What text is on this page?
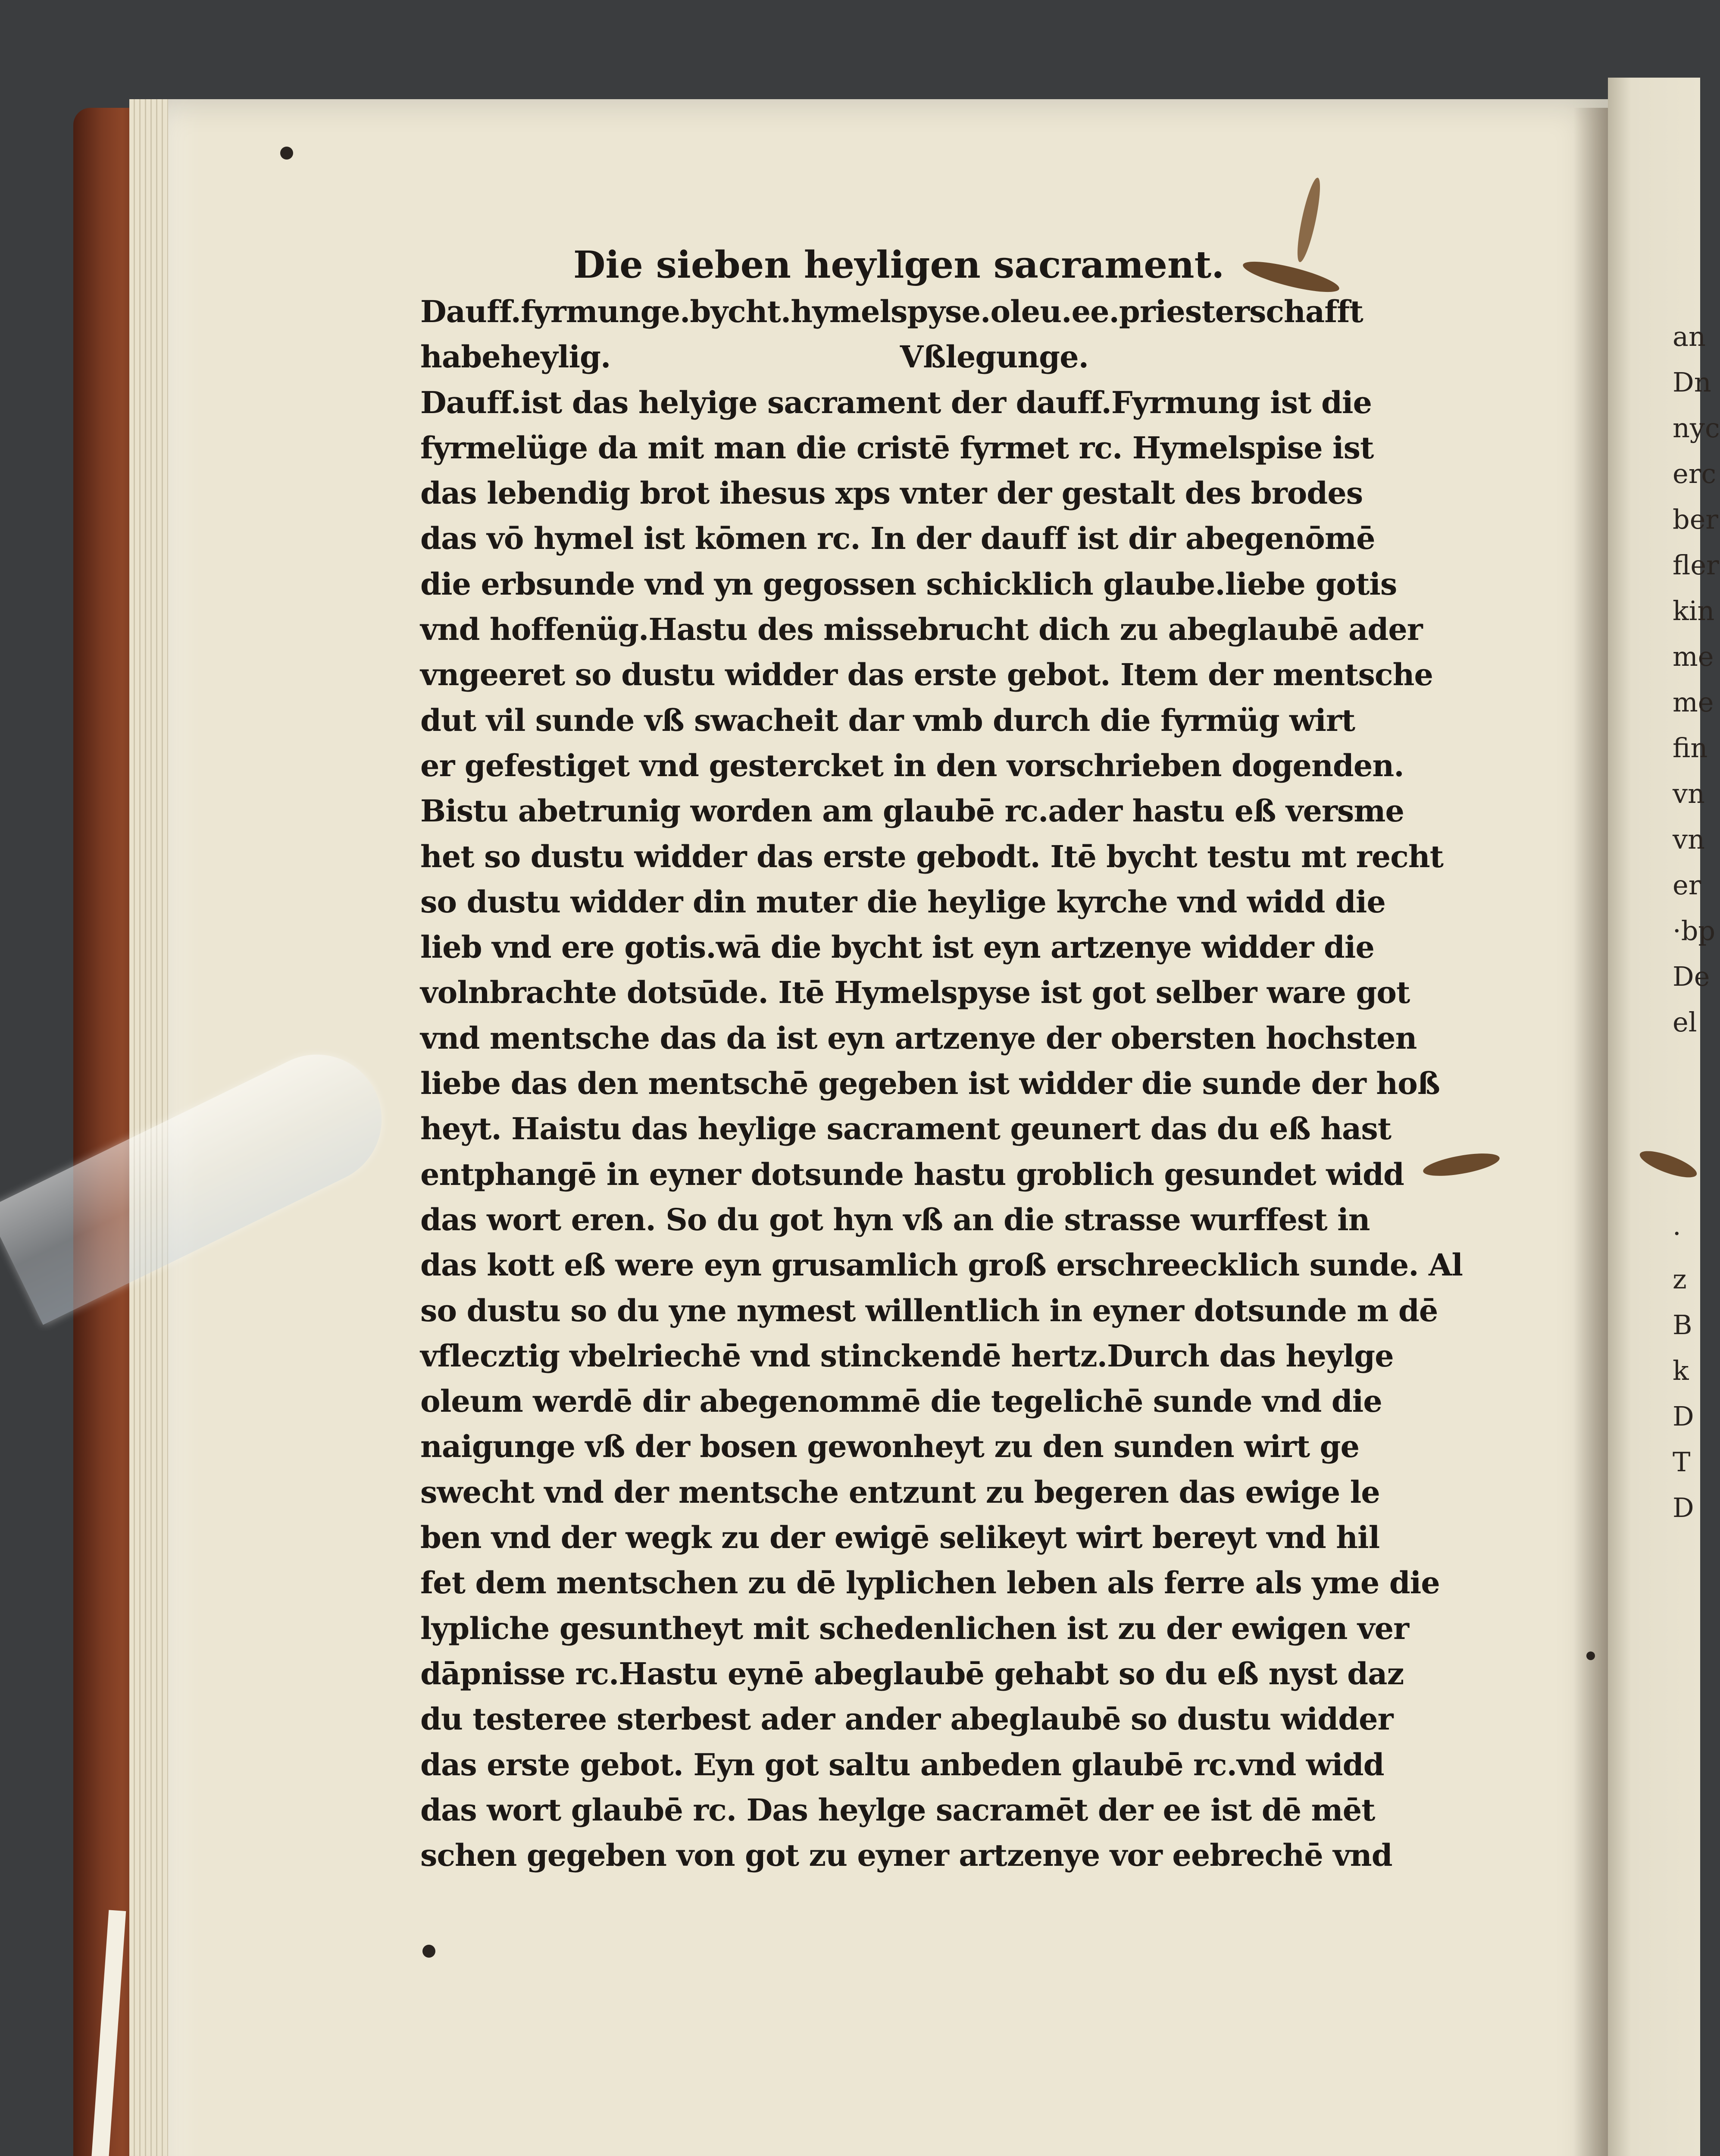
an
Dn
nyc
erc
ber
fler
kin
me
me
fin
vn
vn
er
·bp
De
el
·
z
B
k
D
T
D
Die sieben heyligen sacrament.
Dauff.fyrmunge.bycht.hymelspyse.oleu.ee.priesterschafft
habeheylig.	Vßlegunge.
Dauff.ist das helyige sacrament der dauff.Fyrmung ist die
fyrmelüge da mit man die cristē fyrmet rc. Hymelspise ist
das lebendig brot ihesus xps vnter der gestalt des brodes
das vō hymel ist kōmen rc. In der dauff ist dir abegenōmē
die erbsunde vnd yn gegossen schicklich glaube.liebe gotis
vnd hoffenüg.Hastu des missebrucht dich zu abeglaubē ader
vngeeret so dustu widder das erste gebot. Item der mentsche
dut vil sunde vß swacheit dar vmb durch die fyrmüg wirt
er gefestiget vnd gestercket in den vorschrieben dogenden.
Bistu abetrunig worden am glaubē rc.ader hastu eß versme
het so dustu widder das erste gebodt. Itē bycht testu mt recht
so dustu widder din muter die heylige kyrche vnd widd die
lieb vnd ere gotis.wā die bycht ist eyn artzenye widder die
volnbrachte dotsūde. Itē Hymelspyse ist got selber ware got
vnd mentsche das da ist eyn artzenye der obersten hochsten
liebe das den mentschē gegeben ist widder die sunde der hoß
heyt. Haistu das heylige sacrament geunert das du eß hast
entphangē in eyner dotsunde hastu groblich gesundet widd
das wort eren. So du got hyn vß an die strasse wurffest in
das kott eß were eyn grusamlich groß erschreecklich sunde. Al
so dustu so du yne nymest willentlich in eyner dotsunde m dē
vflecztig vbelriechē vnd stinckendē hertz.Durch das heylge
oleum werdē dir abegenommē die tegelichē sunde vnd die
naigunge vß der bosen gewonheyt zu den sunden wirt ge
swecht vnd der mentsche entzunt zu begeren das ewige le
ben vnd der wegk zu der ewigē selikeyt wirt bereyt vnd hil
fet dem mentschen zu dē lyplichen leben als ferre als yme die
lypliche gesuntheyt mit schedenlichen ist zu der ewigen ver
dāpnisse rc.Hastu eynē abeglaubē gehabt so du eß nyst daz
du testeree sterbest ader ander abeglaubē so dustu widder
das erste gebot. Eyn got saltu anbeden glaubē rc.vnd widd
das wort glaubē rc. Das heylge sacramēt der ee ist dē mēt
schen gegeben von got zu eyner artzenye vor eebrechē vnd
